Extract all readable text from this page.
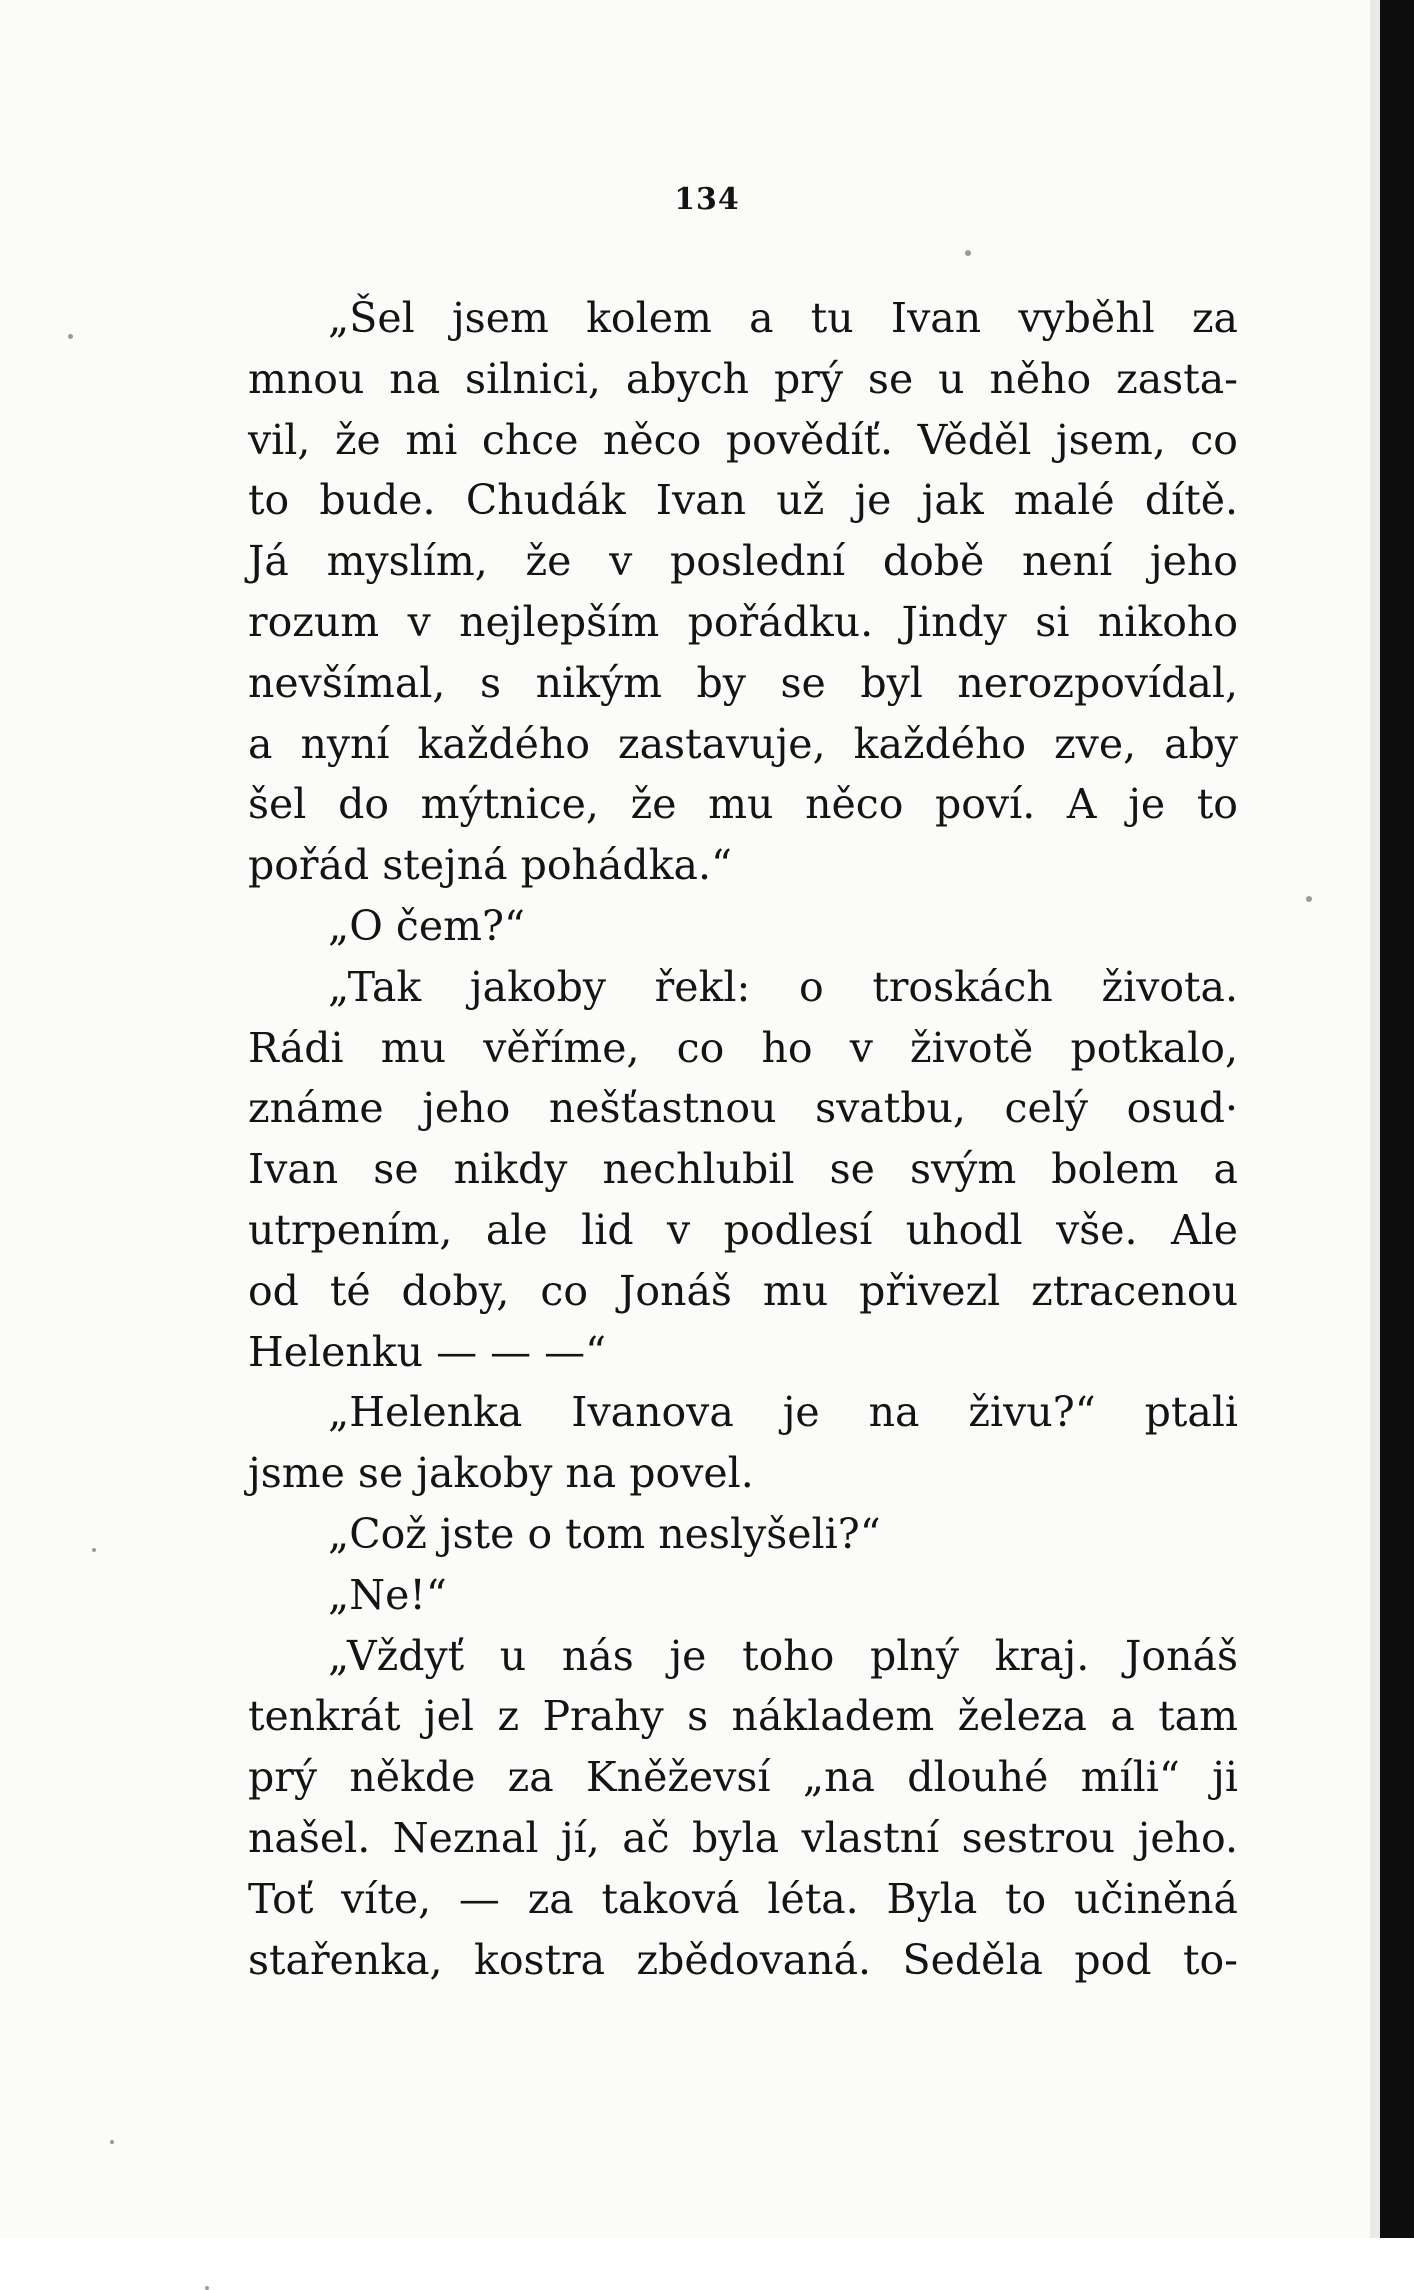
134
„Šel jsem kolem a tu Ivan vyběhl za
mnou na silnici, abych prý se u něho zasta-
vil, že mi chce něco povědíť. Věděl jsem, co
to bude. Chudák Ivan už je jak malé dítě.
Já myslím, že v poslední době není jeho
rozum v nejlepším pořádku. Jindy si nikoho
nevšímal, s nikým by se byl nerozpovídal,
a nyní každého zastavuje, každého zve, aby
šel do mýtnice, že mu něco poví. A je to
pořád stejná pohádka.“
„O čem?“
„Tak jakoby řekl: o troskách života.
Rádi mu věříme, co ho v životě potkalo,
známe jeho nešťastnou svatbu, celý osud·
Ivan se nikdy nechlubil se svým bolem a
utrpením, ale lid v podlesí uhodl vše. Ale
od té doby, co Jonáš mu přivezl ztracenou
Helenku — — —“
„Helenka Ivanova je na živu?“ ptali
jsme se jakoby na povel.
„Což jste o tom neslyšeli?“
„Ne!“
„Vždyť u nás je toho plný kraj. Jonáš
tenkrát jel z Prahy s nákladem železa a tam
prý někde za Kněževsí „na dlouhé míli“ ji
našel. Neznal jí, ač byla vlastní sestrou jeho.
Toť víte, — za taková léta. Byla to učiněná
stařenka, kostra zbědovaná. Seděla pod to-
